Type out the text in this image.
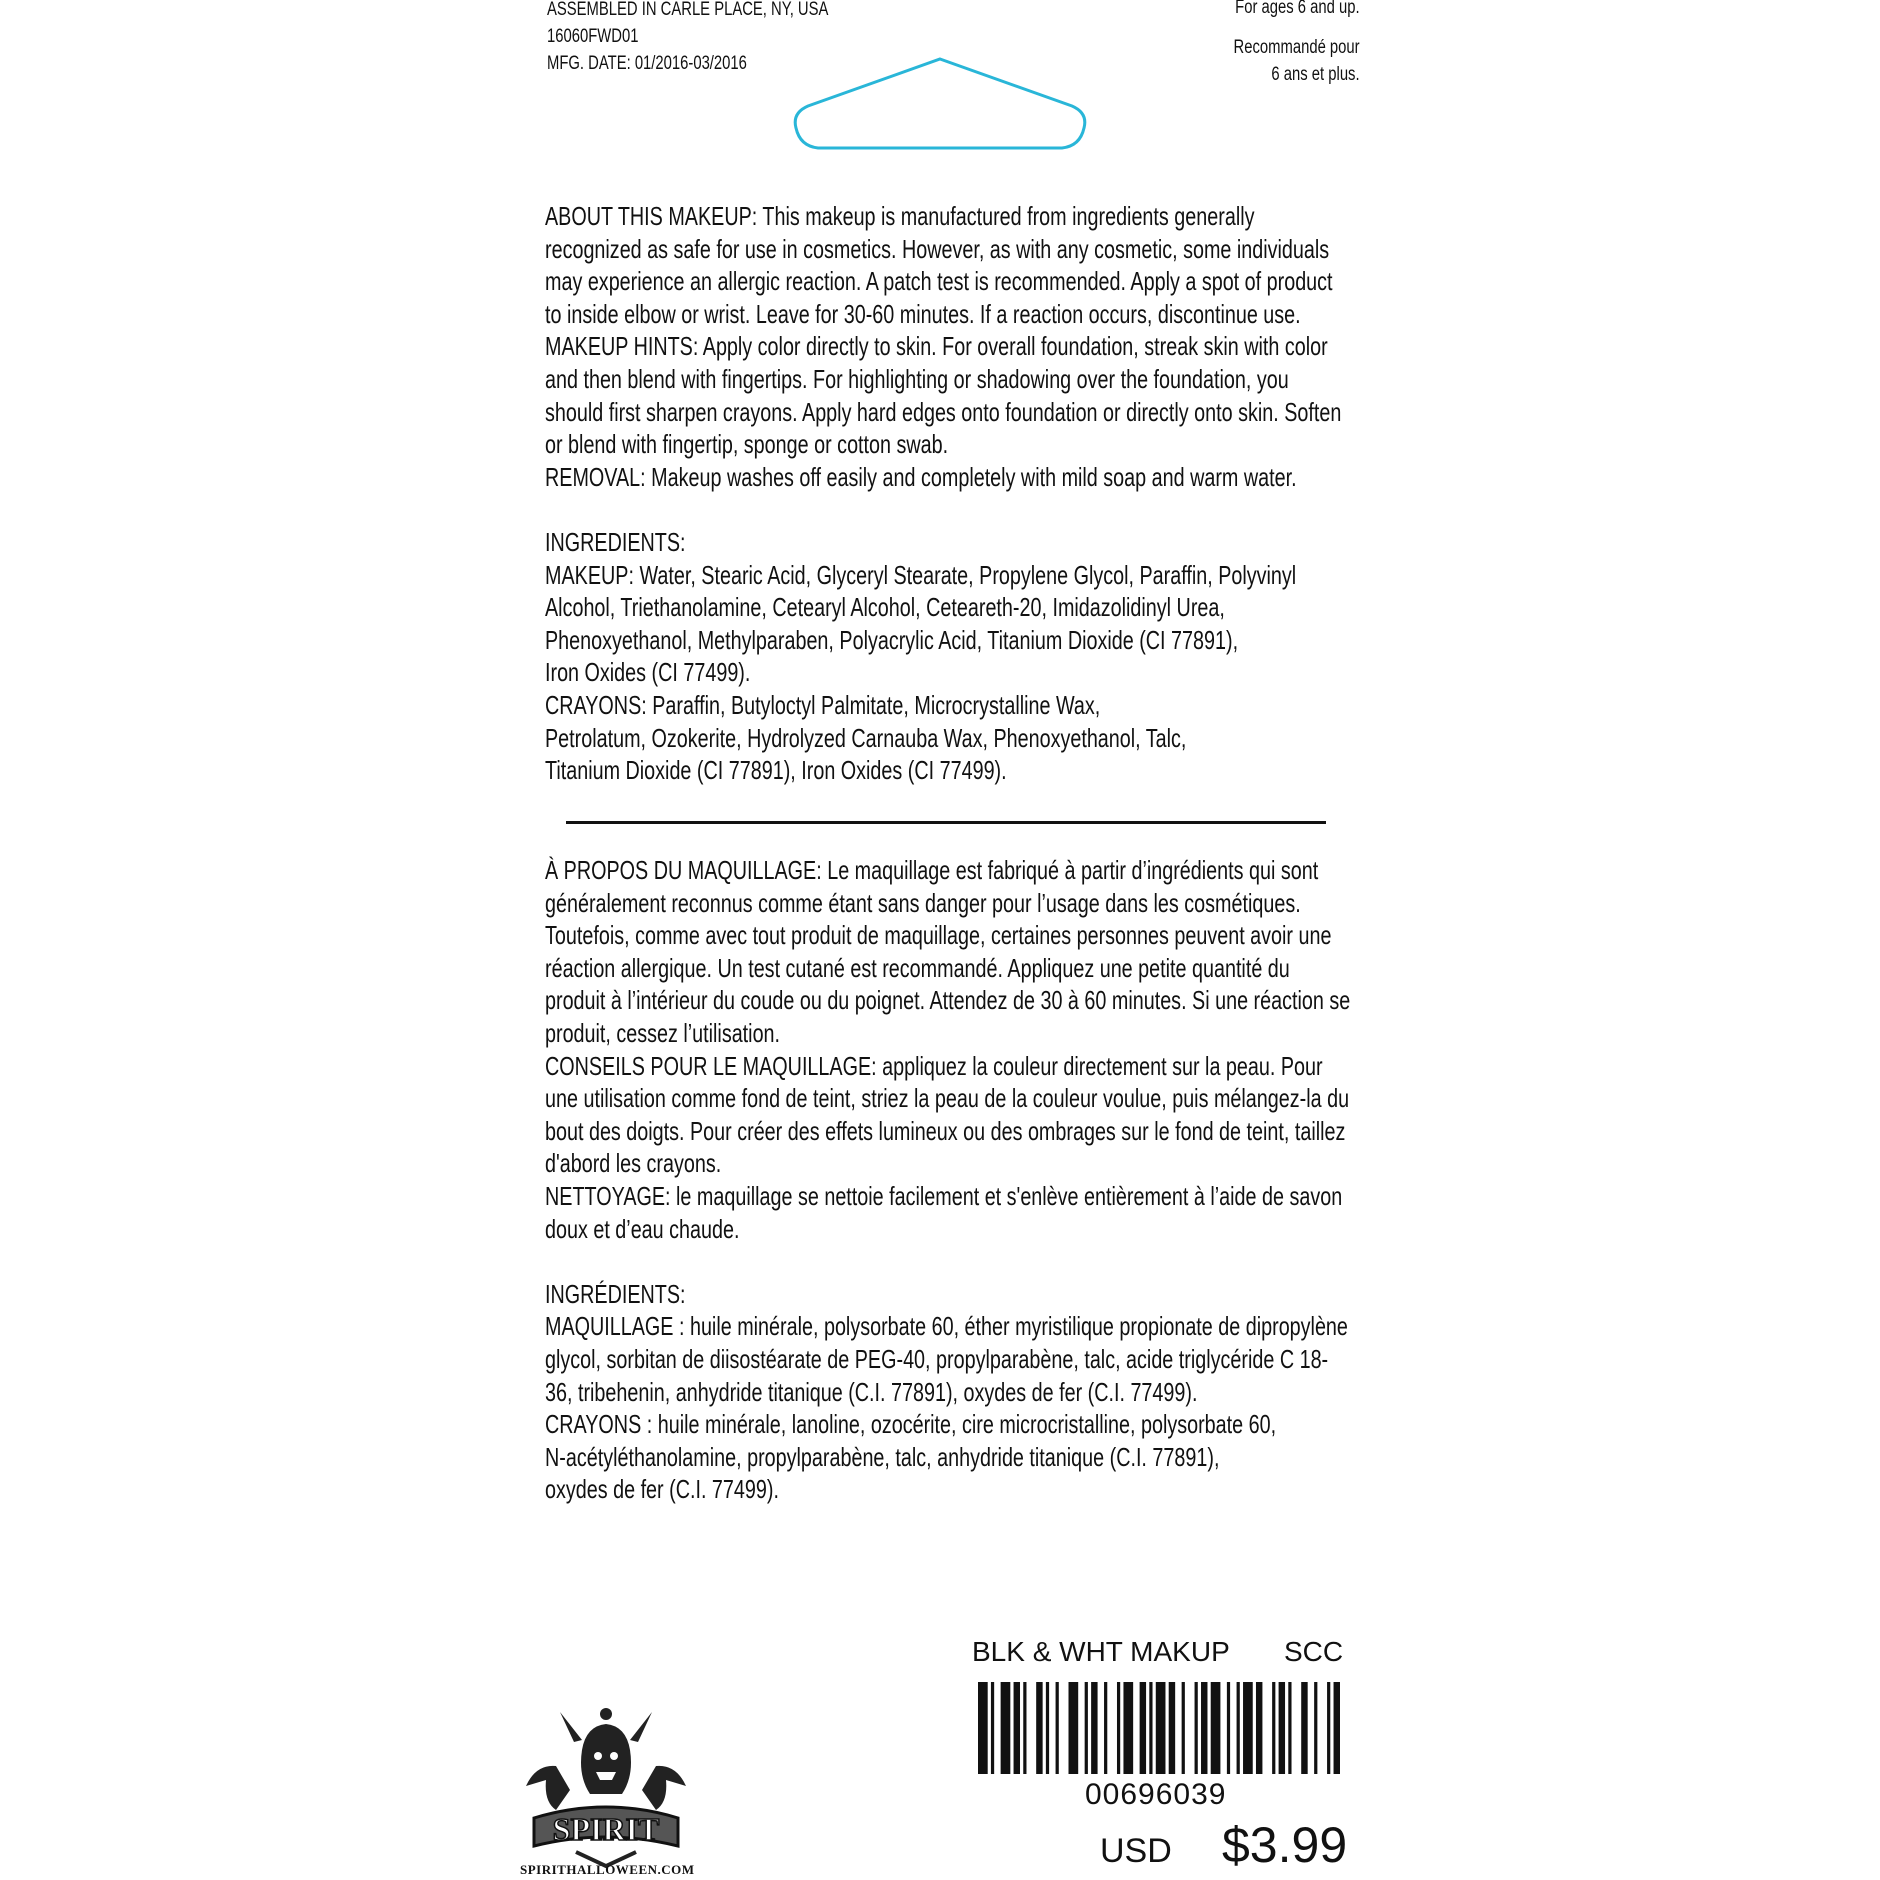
ASSEMBLED IN CARLE PLACE, NY, USA
16060FWD01
MFG. DATE: 01/2016-03/2016
For ages 6 and up.
Recommandé pour
6 ans et plus.

ABOUT THIS MAKEUP: This makeup is manufactured from ingredients generally recognized as safe for use in cosmetics. However, as with any cosmetic, some individuals may experience an allergic reaction. A patch test is recommended. Apply a spot of product to inside elbow or wrist. Leave for 30-60 minutes. If a reaction occurs, discontinue use.

MAKEUP HINTS: Apply color directly to skin. For overall foundation, streak skin with color and then blend with fingertips. For highlighting or shadowing over the foundation, you should first sharpen crayons. Apply hard edges onto foundation or directly onto skin. Soften or blend with fingertip, sponge or cotton swab.

REMOVAL: Makeup washes off easily and completely with mild soap and warm water.

INGREDIENTS:

MAKEUP: Water, Stearic Acid, Glyceryl Stearate, Propylene Glycol, Paraffin, Polyvinyl Alcohol, Triethanolamine, Cetearyl Alcohol, Ceteareth-20, Imidazolidinyl Urea, Phenoxyethanol, Methylparaben, Polyacrylic Acid, Titanium Dioxide (CI 77891),

Iron Oxides (CI 77499).

CRAYONS: Paraffin, Butyloctyl Palmitate, Microcrystalline Wax,

Petrolatum, Ozokerite, Hydrolyzed Carnauba Wax, Phenoxyethanol, Talc,

Titanium Dioxide (CI 77891), Iron Oxides (CI 77499).

À PROPOS DU MAQUILLAGE: Le maquillage est fabriqué à partir d’ingrédients qui sont généralement reconnus comme étant sans danger pour l’usage dans les cosmétiques. Toutefois, comme avec tout produit de maquillage, certaines personnes peuvent avoir une réaction allergique. Un test cutané est recommandé. Appliquez une petite quantité du produit à l’intérieur du coude ou du poignet. Attendez de 30 à 60 minutes. Si une réaction se produit, cessez l’utilisation.

CONSEILS POUR LE MAQUILLAGE: appliquez la couleur directement sur la peau. Pour une utilisation comme fond de teint, striez la peau de la couleur voulue, puis mélangez-la du bout des doigts. Pour créer des effets lumineux ou des ombrages sur le fond de teint, taillez d'abord les crayons.

NETTOYAGE: le maquillage se nettoie facilement et s'enlève entièrement à l’aide de savon doux et d’eau chaude.

INGRÉDIENTS:

MAQUILLAGE : huile minérale, polysorbate 60, éther myristilique propionate de dipropylène glycol, sorbitan de diisostéarate de PEG-40, propylparabène, talc, acide triglycéride C 18-36, tribehenin, anhydride titanique (C.I. 77891), oxydes de fer (C.I. 77499).

CRAYONS : huile minérale, lanoline, ozocérite, cire microcristalline, polysorbate 60,

N-acétyléthanolamine, propylparabène, talc, anhydride titanique (C.I. 77891),

oxydes de fer (C.I. 77499).

BLK & WHT MAKUP SCC
00696039
USD $3.99
SPIRIT
SPIRITHALLOWEEN.COM
